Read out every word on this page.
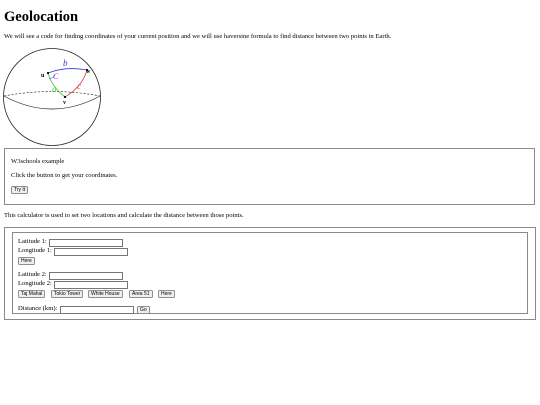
Geolocation
We will see a code for finding coordinates of your current position and we will use haversine formula to find distance between two points in Earth.
u
w
v
b
a c
C
W3schools example
Click the button to get your coordinates.
Try It
This calculator is used to set two locations and calculate the distance between those points.
Latitude 1:
Longitude 1:
Here
Latitude 2:
Longitude 2:
Taj Mahal	Tokio Tower	White House	Area 51	Here
Distance (km):	Go
